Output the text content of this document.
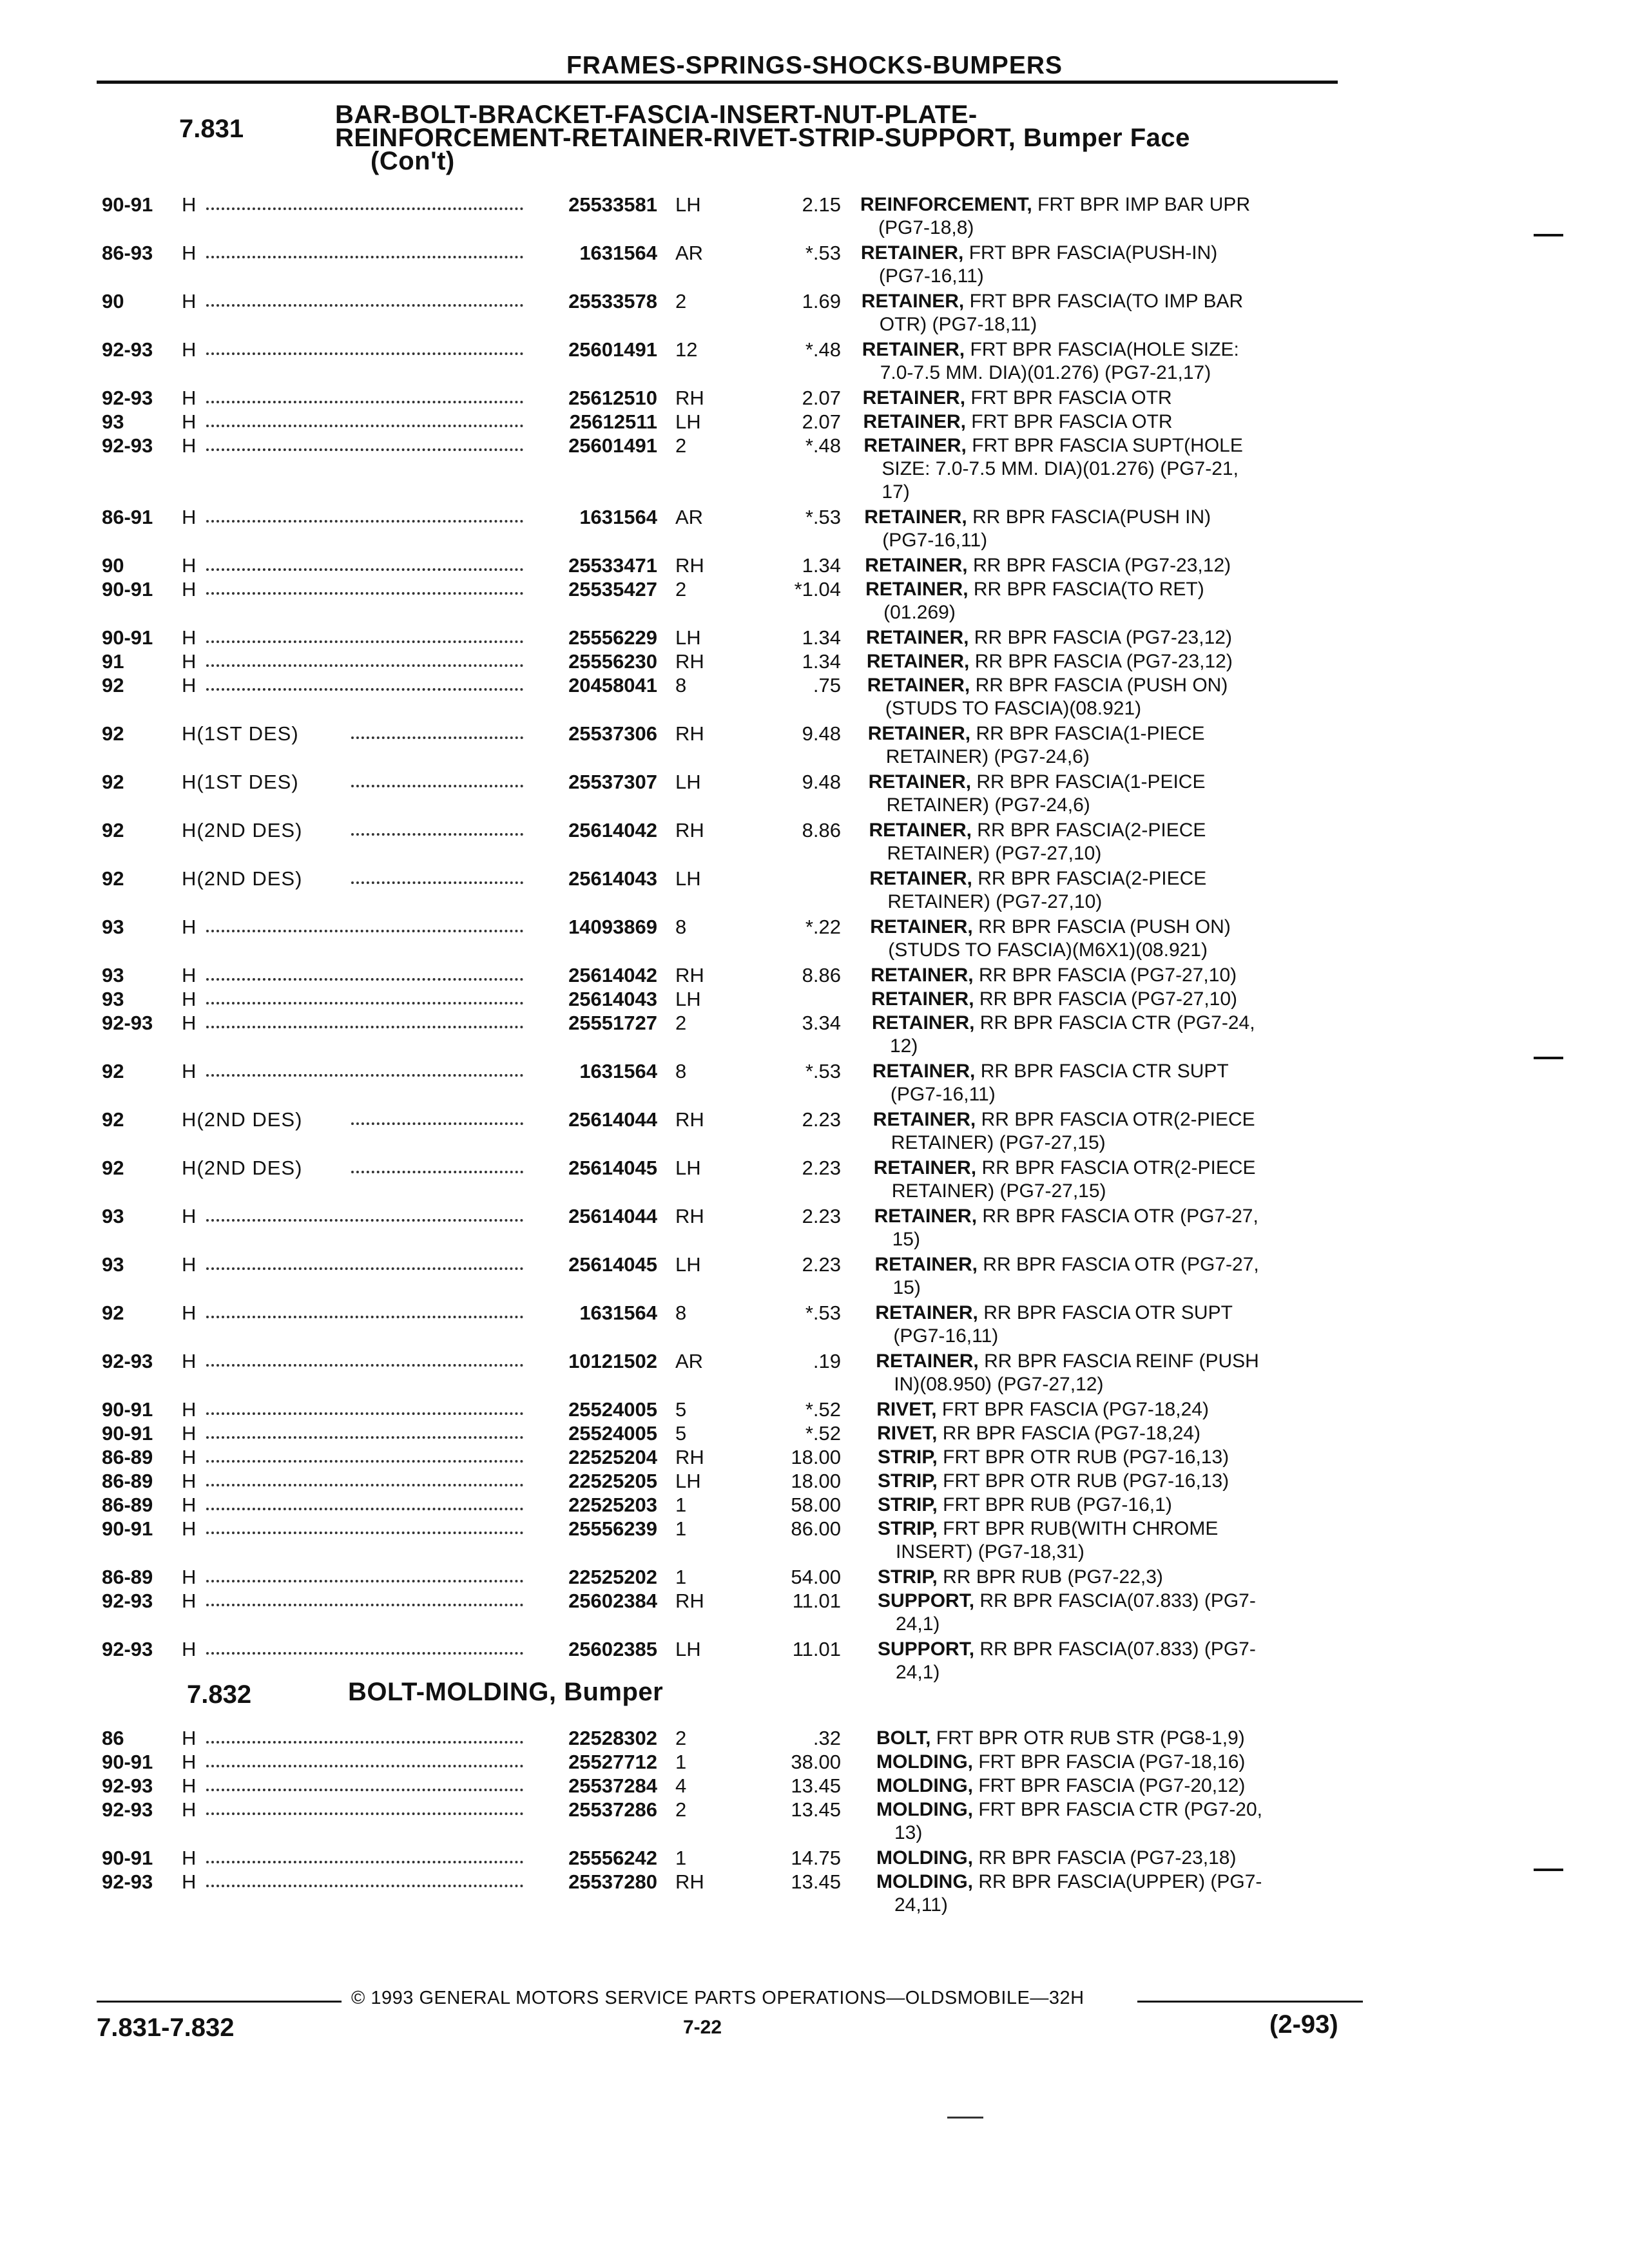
FRAMES-SPRINGS-SHOCKS-BUMPERS
7.831	BAR-BOLT-BRACKET-FASCIA-INSERT-NUT-PLATE-
REINFORCEMENT-RETAINER-RIVET-STRIP-SUPPORT, Bumper Face
(Con't)
90-91 H	25533581 LH	2.15 REINFORCEMENT, FRT BPR IMP BAR UPR
(PG7-18,8)
86-93 H	1631564 AR	*.53 RETAINER, FRT BPR FASCIA(PUSH-IN)
(PG7-16,11)
90	H	25533578 2	1.69 RETAINER, FRT BPR FASCIA(TO IMP BAR
OTR) (PG7-18,11)
92-93 H	25601491 12	*.48 RETAINER, FRT BPR FASCIA(HOLE SIZE:
7.0-7.5 MM. DIA)(01.276) (PG7-21,17)
92-93 H	25612510 RH	2.07 RETAINER, FRT BPR FASCIA OTR
93	H	25612511 LH	2.07 RETAINER, FRT BPR FASCIA OTR
92-93 H	25601491 2	*.48 RETAINER, FRT BPR FASCIA SUPT(HOLE
SIZE: 7.0-7.5 MM. DIA)(01.276) (PG7-21,
17)
86-91 H	1631564 AR	*.53 RETAINER, RR BPR FASCIA(PUSH IN)
(PG7-16,11)
90	H	25533471 RH	1.34 RETAINER, RR BPR FASCIA (PG7-23,12)
90-91 H	25535427 2	*1.04 RETAINER, RR BPR FASCIA(TO RET)
(01.269)
90-91 H	25556229 LH	1.34 RETAINER, RR BPR FASCIA (PG7-23,12)
91	H	25556230 RH	1.34 RETAINER, RR BPR FASCIA (PG7-23,12)
92	H	20458041 8	.75 RETAINER, RR BPR FASCIA (PUSH ON)
(STUDS TO FASCIA)(08.921)
92	H(1ST DES)	25537306 RH	9.48 RETAINER, RR BPR FASCIA(1-PIECE
RETAINER) (PG7-24,6)
92	H(1ST DES)	25537307 LH	9.48 RETAINER, RR BPR FASCIA(1-PEICE
RETAINER) (PG7-24,6)
92	H(2ND DES)	25614042 RH	8.86 RETAINER, RR BPR FASCIA(2-PIECE
RETAINER) (PG7-27,10)
92	H(2ND DES)	25614043 LH	RETAINER, RR BPR FASCIA(2-PIECE
RETAINER) (PG7-27,10)
93	H	14093869 8	*.22 RETAINER, RR BPR FASCIA (PUSH ON)
(STUDS TO FASCIA)(M6X1)(08.921)
93	H	25614042 RH	8.86 RETAINER, RR BPR FASCIA (PG7-27,10)
93	H	25614043 LH	RETAINER, RR BPR FASCIA (PG7-27,10)
92-93 H	25551727 2	3.34 RETAINER, RR BPR FASCIA CTR (PG7-24,
12)
92	H	1631564 8	*.53 RETAINER, RR BPR FASCIA CTR SUPT
(PG7-16,11)
92	H(2ND DES)	25614044 RH	2.23 RETAINER, RR BPR FASCIA OTR(2-PIECE
RETAINER) (PG7-27,15)
92	H(2ND DES)	25614045 LH	2.23 RETAINER, RR BPR FASCIA OTR(2-PIECE
RETAINER) (PG7-27,15)
93	H	25614044 RH	2.23 RETAINER, RR BPR FASCIA OTR (PG7-27,
15)
93	H	25614045 LH	2.23 RETAINER, RR BPR FASCIA OTR (PG7-27,
15)
92	H	1631564 8	*.53 RETAINER, RR BPR FASCIA OTR SUPT
(PG7-16,11)
92-93 H	10121502 AR	.19 RETAINER, RR BPR FASCIA REINF (PUSH
IN)(08.950) (PG7-27,12)
90-91 H	25524005 5	*.52 RIVET, FRT BPR FASCIA (PG7-18,24)
90-91 H	25524005 5	*.52 RIVET, RR BPR FASCIA (PG7-18,24)
86-89 H	22525204 RH	18.00 STRIP, FRT BPR OTR RUB (PG7-16,13)
86-89 H	22525205 LH	18.00 STRIP, FRT BPR OTR RUB (PG7-16,13)
86-89 H	22525203 1	58.00 STRIP, FRT BPR RUB (PG7-16,1)
90-91 H	25556239 1	86.00 STRIP, FRT BPR RUB(WITH CHROME
INSERT) (PG7-18,31)
86-89 H	22525202 1	54.00 STRIP, RR BPR RUB (PG7-22,3)
92-93 H	25602384 RH	11.01 SUPPORT, RR BPR FASCIA(07.833) (PG7-
24,1)
92-93 H	25602385 LH	11.01 SUPPORT, RR BPR FASCIA(07.833) (PG7-
24,1)
7.832	BOLT-MOLDING, Bumper
86	H	22528302 2	.32 BOLT, FRT BPR OTR RUB STR (PG8-1,9)
90-91 H	25527712 1	38.00 MOLDING, FRT BPR FASCIA (PG7-18,16)
92-93 H	25537284 4	13.45 MOLDING, FRT BPR FASCIA (PG7-20,12)
92-93 H	25537286 2	13.45 MOLDING, FRT BPR FASCIA CTR (PG7-20,
13)
90-91 H	25556242 1	14.75 MOLDING, RR BPR FASCIA (PG7-23,18)
92-93 H	25537280 RH	13.45 MOLDING, RR BPR FASCIA(UPPER) (PG7-
24,11)
© 1993 GENERAL MOTORS SERVICE PARTS OPERATIONS—OLDSMOBILE—32H
7.831-7.832	7-22	(2-93)
